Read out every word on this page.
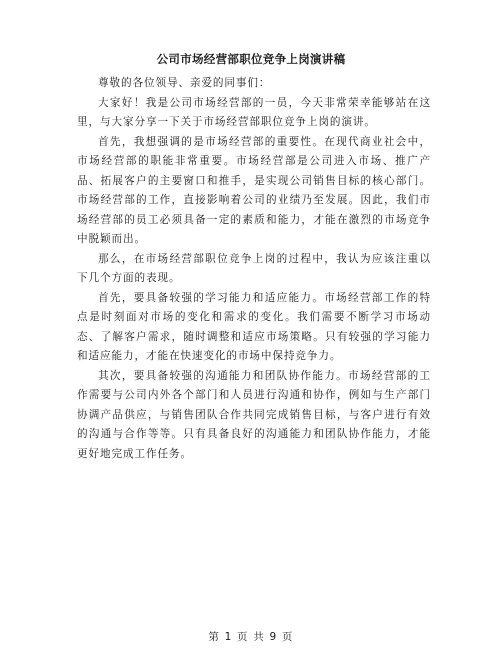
公司市场经营部职位竞争上岗演讲稿

尊敬的各位领导、亲爱的同事们：

大家好！我是公司市场经营部的一员，今天非常荣幸能够站在这里，与大家分享一下关于市场经营部职位竞争上岗的演讲。

首先，我想强调的是市场经营部的重要性。在现代商业社会中，市场经营部的职能非常重要。市场经营部是公司进入市场、推广产品、拓展客户的主要窗口和推手，是实现公司销售目标的核心部门。市场经营部的工作，直接影响着公司的业绩乃至发展。因此，我们市场经营部的员工必须具备一定的素质和能力，才能在激烈的市场竞争中脱颖而出。

那么，在市场经营部职位竞争上岗的过程中，我认为应该注重以下几个方面的表现。

首先，要具备较强的学习能力和适应能力。市场经营部工作的特点是时刻面对市场的变化和需求的变化。我们需要不断学习市场动态、了解客户需求，随时调整和适应市场策略。只有较强的学习能力和适应能力，才能在快速变化的市场中保持竞争力。

其次，要具备较强的沟通能力和团队协作能力。市场经营部的工作需要与公司内外各个部门和人员进行沟通和协作，例如与生产部门协调产品供应，与销售团队合作共同完成销售目标，与客户进行有效的沟通与合作等等。只有具备良好的沟通能力和团队协作能力，才能更好地完成工作任务。

第 1 页 共 9 页
